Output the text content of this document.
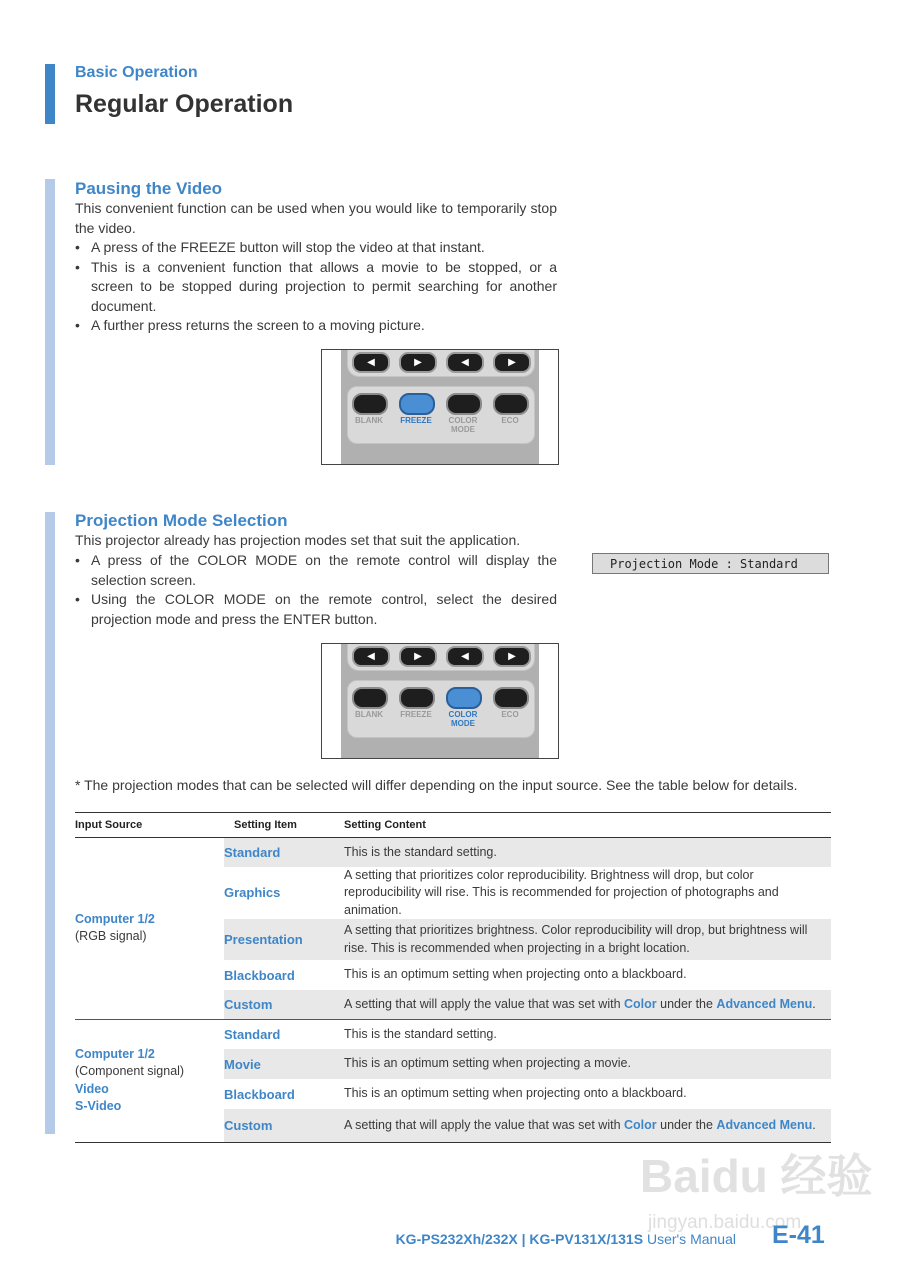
Basic Operation
Regular Operation
Pausing the Video
This convenient function can be used when you would like to temporarily stop the video.
• A press of the FREEZE button will stop the video at that instant.
• This is a convenient function that allows a movie to be stopped, or a screen to be stopped during projection to permit searching for another document.
• A further press returns the screen to a moving picture.
◀	▶	◀	▶
BLANK	FREEZE	COLOR MODE
ECO
Projection Mode Selection
This projector already has projection modes set that suit the application.
• A press of the COLOR MODE on the remote control will display the selection screen.
• Using the COLOR MODE on the remote control, select the desired projection mode and press the ENTER button.
Projection Mode : Standard
◀	▶	◀	▶
BLANK	FREEZE	COLOR MODE
ECO
* The projection modes that can be selected will differ depending on the input source. See the table below for details.
Input Source	Setting Item	Setting Content

Computer 1/2
(RGB signal)	Standard	This is the standard setting.
	Graphics	A setting that prioritizes color reproducibility. Brightness will drop, but color reproducibility will rise. This is recommended for projection of photographs and animation.
	Presentation	A setting that prioritizes brightness. Color reproducibility will drop, but brightness will rise. This is recommended when projecting in a bright location.
	Blackboard	This is an optimum setting when projecting onto a blackboard.
	Custom	A setting that will apply the value that was set with Color under the Advanced Menu.

Computer 1/2
(Component signal)
Video
S-Video	Standard	This is the standard setting.
	Movie	This is an optimum setting when projecting a movie.
	Blackboard	This is an optimum setting when projecting onto a blackboard.
	Custom	A setting that will apply the value that was set with Color under the Advanced Menu.
Baidu 经验
jingyan.baidu.com
KG-PS232Xh/232X | KG-PV131X/131S User's Manual E-41
